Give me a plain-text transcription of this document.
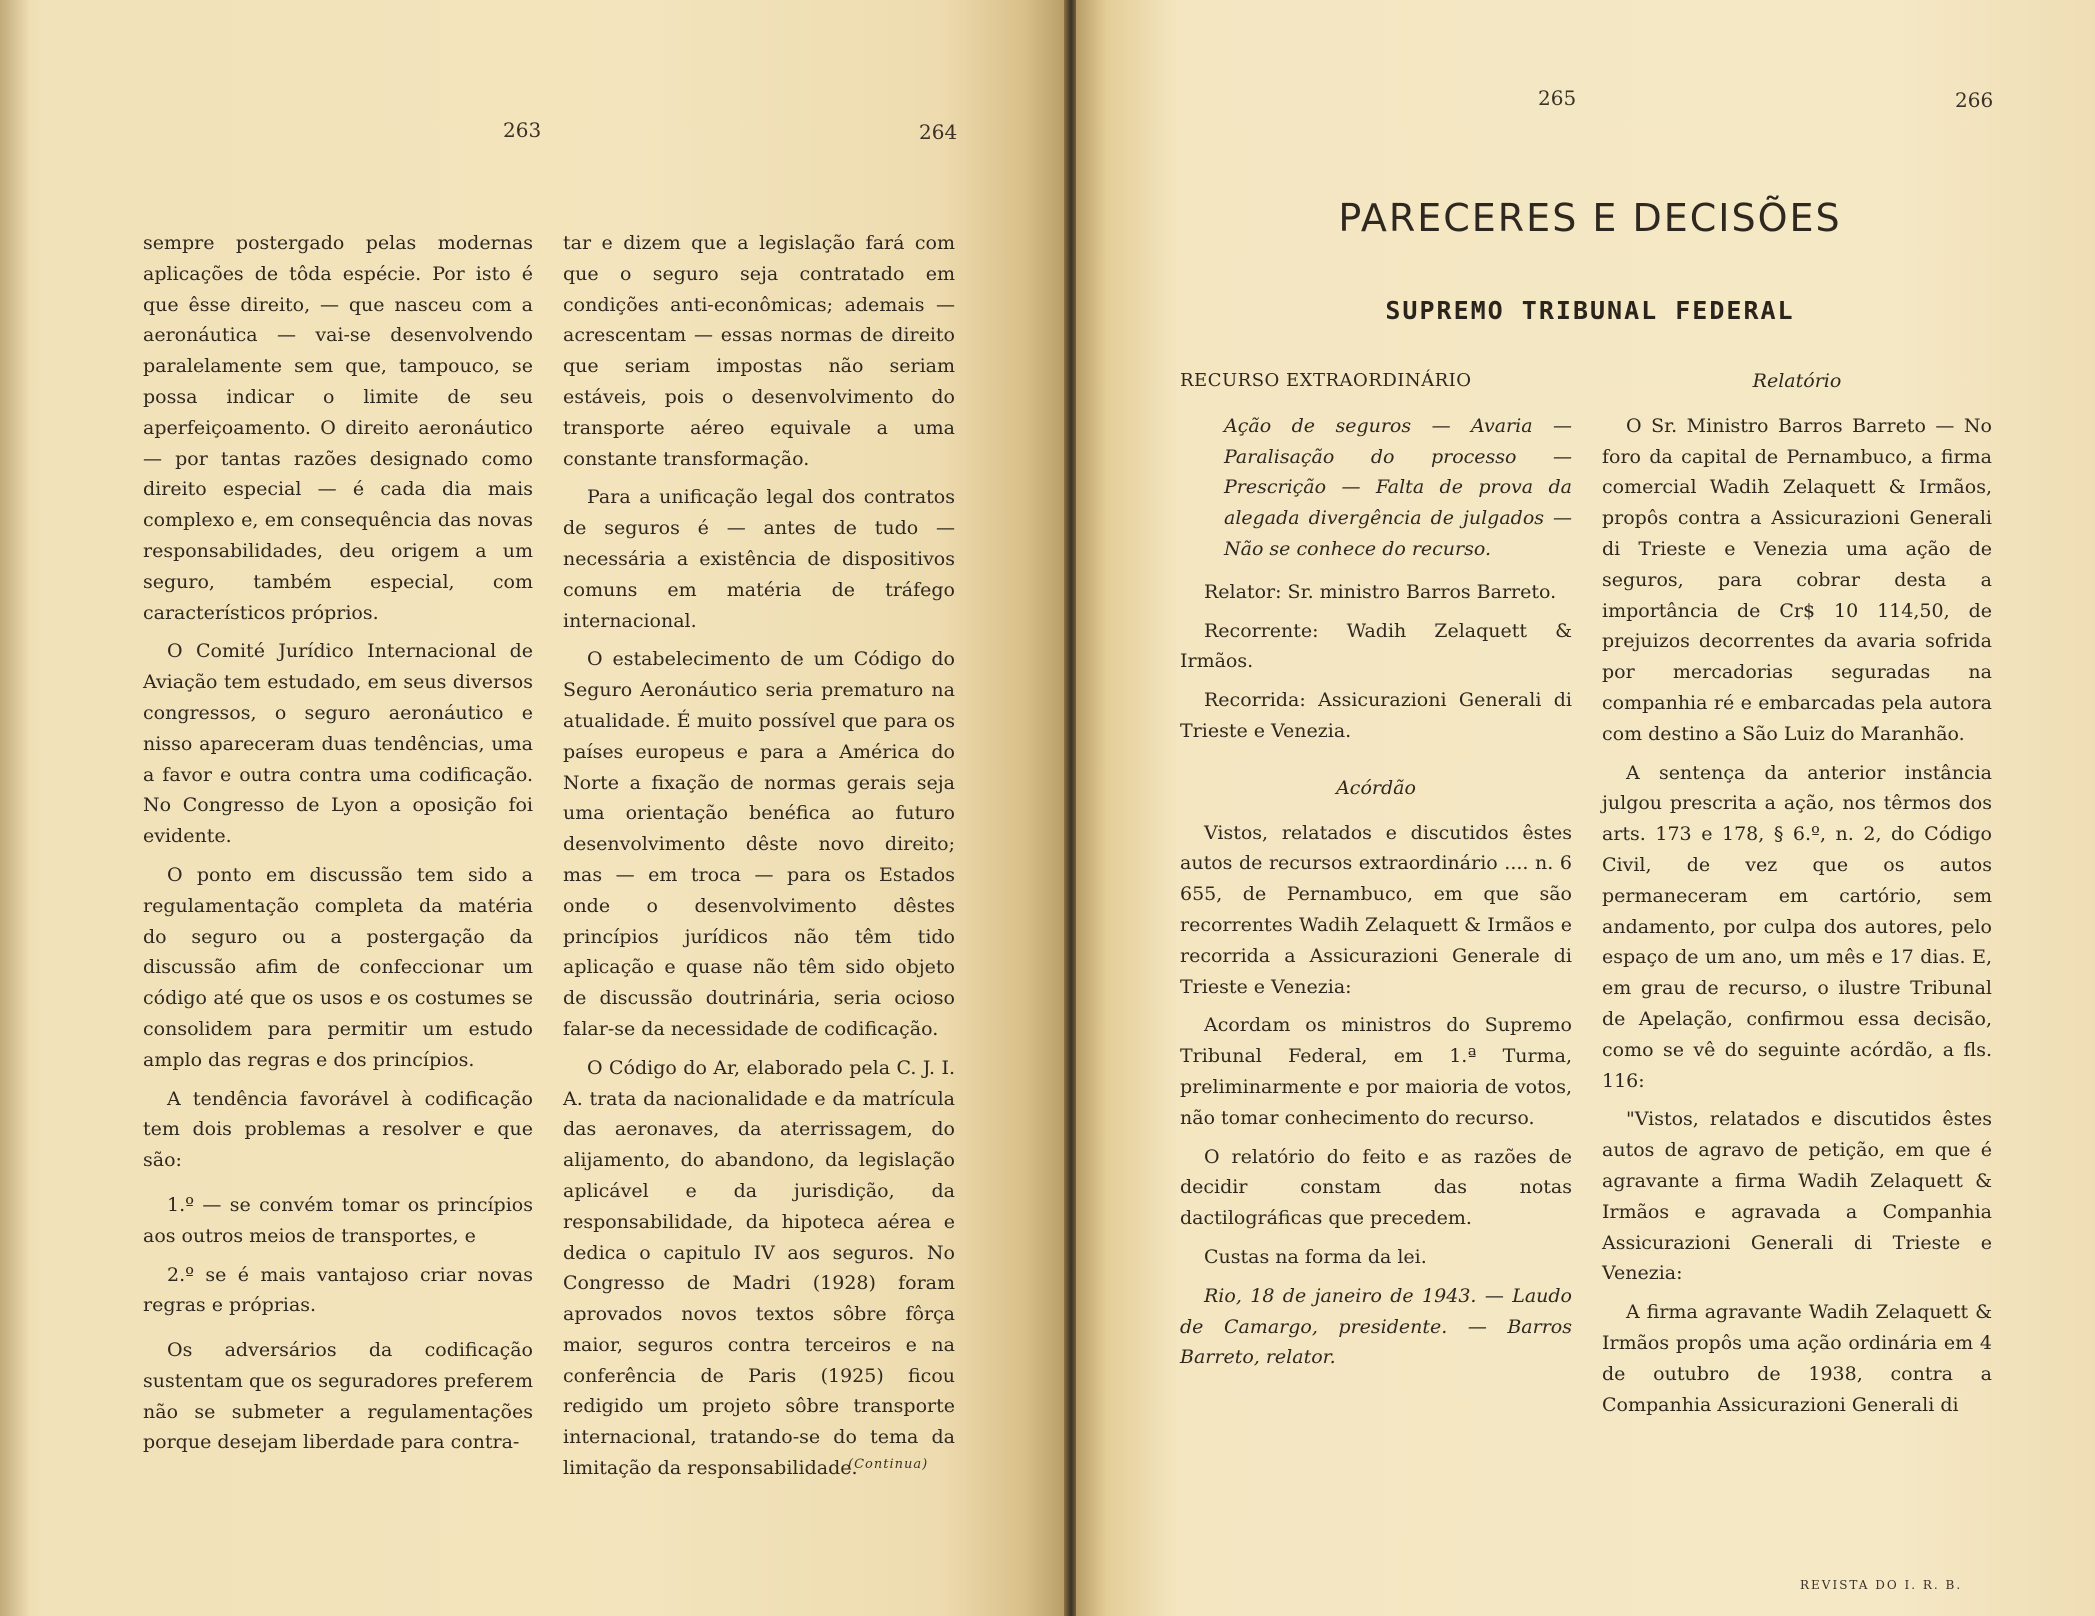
263	264

sempre postergado pelas modernas aplicações de tôda espécie. Por isto é que êsse direito, — que nasceu com a aeronáutica — vai-se desenvolvendo paralelamente sem que, tampouco, se possa indicar o limite de seu aperfeiçoamento. O direito aeronáutico — por tantas razões designado como direito especial — é cada dia mais complexo e, em consequência das novas responsabilidades, deu origem a um seguro, também especial, com característicos próprios.

O Comité Jurídico Internacional de Aviação tem estudado, em seus diversos congressos, o seguro aeronáutico e nisso apareceram duas tendências, uma a favor e outra contra uma codificação. No Congresso de Lyon a oposição foi evidente.

O ponto em discussão tem sido a regulamentação completa da matéria do seguro ou a postergação da discussão afim de confeccionar um código até que os usos e os costumes se consolidem para permitir um estudo amplo das regras e dos princípios.

A tendência favorável à codificação tem dois problemas a resolver e que são:

1.º — se convém tomar os princípios aos outros meios de transportes, e

2.º se é mais vantajoso criar novas regras e próprias.

Os adversários da codificação sustentam que os seguradores preferem não se submeter a regulamentações porque desejam liberdade para contra-

tar e dizem que a legislação fará com que o seguro seja contratado em condições anti-econômicas; ademais — acrescentam — essas normas de direito que seriam impostas não seriam estáveis, pois o desenvolvimento do transporte aéreo equivale a uma constante transformação.

Para a unificação legal dos contratos de seguros é — antes de tudo — necessária a existência de dispositivos comuns em matéria de tráfego internacional.

O estabelecimento de um Código do Seguro Aeronáutico seria prematuro na atualidade. É muito possível que para os países europeus e para a América do Norte a fixação de normas gerais seja uma orientação benéfica ao futuro desenvolvimento dêste novo direito; mas — em troca — para os Estados onde o desenvolvimento dêstes princípios jurídicos não têm tido aplicação e quase não têm sido objeto de discussão doutrinária, seria ocioso falar-se da necessidade de codificação.

O Código do Ar, elaborado pela C. J. I. A. trata da nacionalidade e da matrícula das aeronaves, da aterrissagem, do alijamento, do abandono, da legislação aplicável e da jurisdição, da responsabilidade, da hipoteca aérea e dedica o capitulo IV aos seguros. No Congresso de Madri (1928) foram aprovados novos textos sôbre fôrça maior, seguros contra terceiros e na conferência de Paris (1925) ficou redigido um projeto sôbre transporte internacional, tratando-se do tema da limitação da responsabilidade.

(Continua)
265	266
PARECERES E DECISÕES
SUPREMO TRIBUNAL FEDERAL

RECURSO EXTRAORDINÁRIO

Ação de seguros — Avaria — Paralisação do processo — Prescrição — Falta de prova da alegada divergência de julgados — Não se conhece do recurso.

Relator: Sr. ministro Barros Barreto.

Recorrente: Wadih Zelaquett & Irmãos.

Recorrida: Assicurazioni Generali di Trieste e Venezia.

Acórdão

Vistos, relatados e discutidos êstes autos de recursos extraordinário .... n. 6 655, de Pernambuco, em que são recorrentes Wadih Zelaquett & Irmãos e recorrida a Assicurazioni Generale di Trieste e Venezia:

Acordam os ministros do Supremo Tribunal Federal, em 1.ª Turma, preliminarmente e por maioria de votos, não tomar conhecimento do recurso.

O relatório do feito e as razões de decidir constam das notas dactilográficas que precedem.

Custas na forma da lei.

Rio, 18 de janeiro de 1943. — Laudo de Camargo, presidente. — Barros Barreto, relator.

Relatório

O Sr. Ministro Barros Barreto — No foro da capital de Pernambuco, a firma comercial Wadih Zelaquett & Irmãos, propôs contra a Assicurazioni Generali di Trieste e Venezia uma ação de seguros, para cobrar desta a importância de Cr$ 10 114,50, de prejuizos decorrentes da avaria sofrida por mercadorias seguradas na companhia ré e embarcadas pela autora com destino a São Luiz do Maranhão.

A sentença da anterior instância julgou prescrita a ação, nos têrmos dos arts. 173 e 178, § 6.º, n. 2, do Código Civil, de vez que os autos permaneceram em cartório, sem andamento, por culpa dos autores, pelo espaço de um ano, um mês e 17 dias. E, em grau de recurso, o ilustre Tribunal de Apelação, confirmou essa decisão, como se vê do seguinte acórdão, a fls. 116:

"Vistos, relatados e discutidos êstes autos de agravo de petição, em que é agravante a firma Wadih Zelaquett & Irmãos e agravada a Companhia Assicurazioni Generali di Trieste e Venezia:

A firma agravante Wadih Zelaquett & Irmãos propôs uma ação ordinária em 4 de outubro de 1938, contra a Companhia Assicurazioni Generali di

REVISTA DO I. R. B.
